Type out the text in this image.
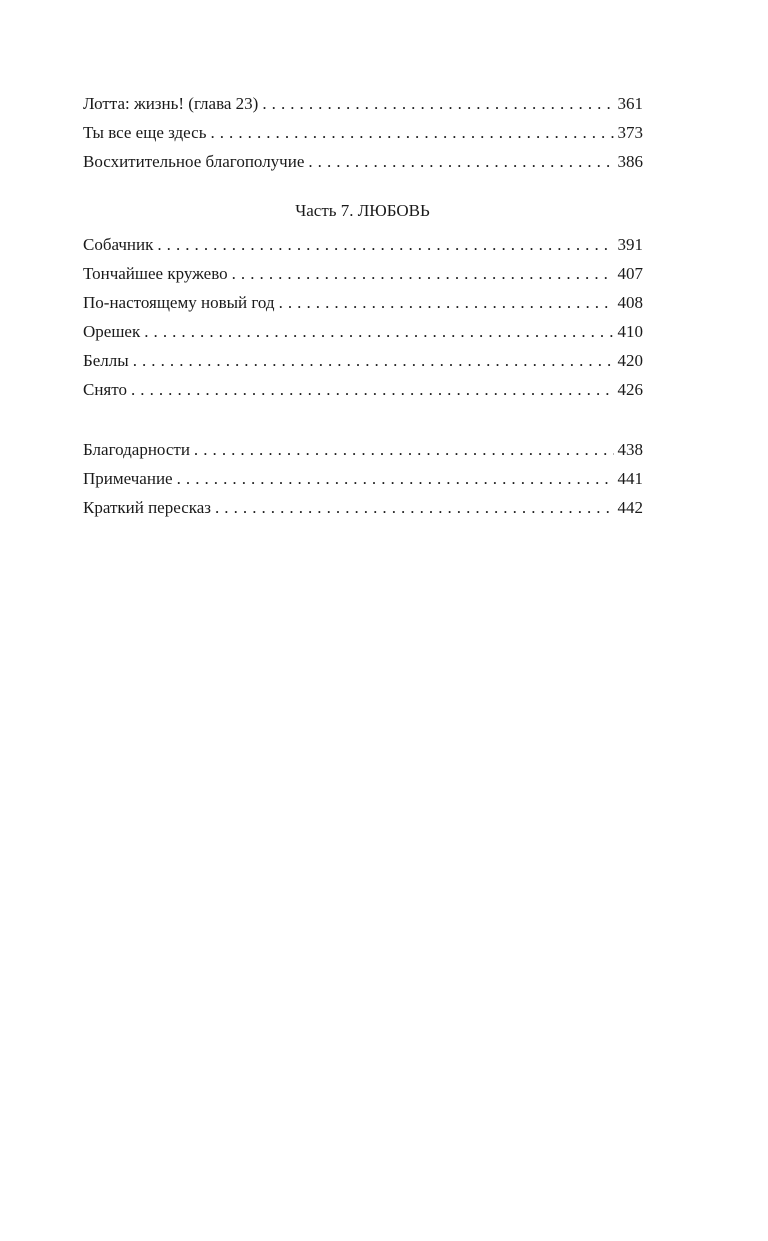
Лотта: жизнь! (глава 23) . . .	361
Ты все еще здесь . . .	373
Восхитительное благополучие . . .	386
Часть 7. ЛЮБОВЬ
Собачник . . .	391
Тончайшее кружево . . .	407
По-настоящему новый год . . .	408
Орешек . . .	410
Беллы . . .	420
Снято . . .	426
Благодарности . . .	438
Примечание . . .	441
Краткий пересказ . . .	442
